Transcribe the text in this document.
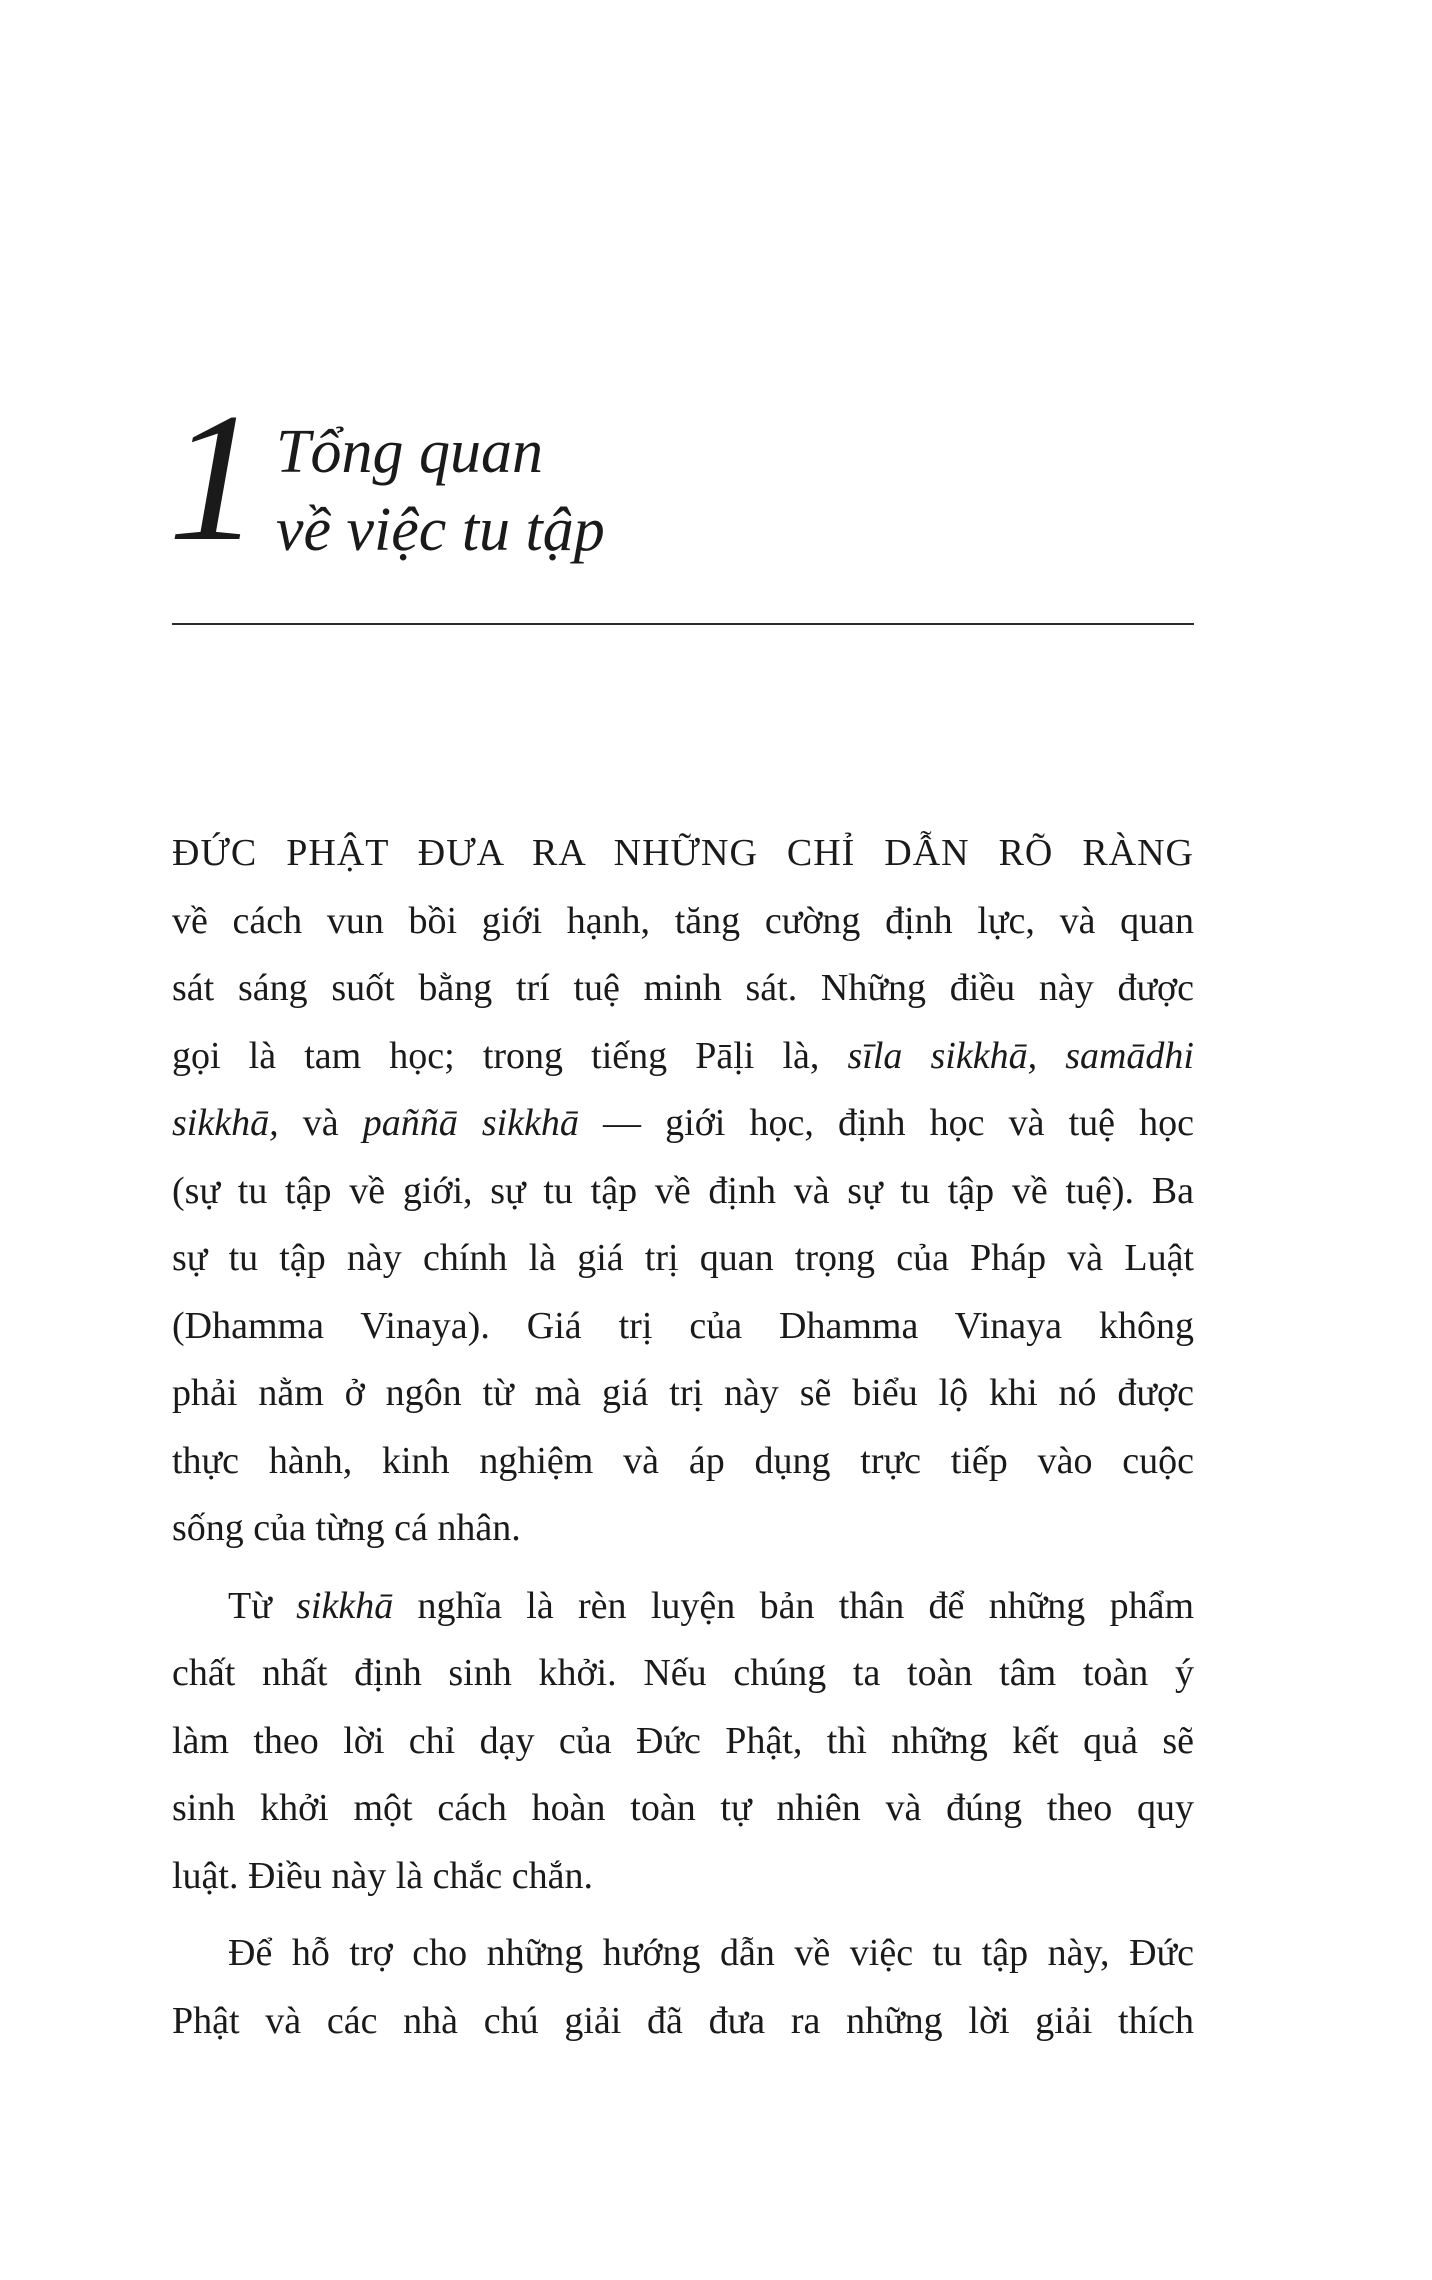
1 Tổng quan
về việc tu tập
ĐỨC PHẬT ĐƯA RA NHỮNG CHỈ DẪN RÕ RÀNG
về cách vun bồi giới hạnh, tăng cường định lực, và quan
sát sáng suốt bằng trí tuệ minh sát. Những điều này được
gọi là tam học; trong tiếng Pāḷi là, sīla sikkhā, samādhi
sikkhā, và paññā sikkhā — giới học, định học và tuệ học
(sự tu tập về giới, sự tu tập về định và sự tu tập về tuệ). Ba
sự tu tập này chính là giá trị quan trọng của Pháp và Luật
(Dhamma Vinaya). Giá trị của Dhamma Vinaya không
phải nằm ở ngôn từ mà giá trị này sẽ biểu lộ khi nó được
thực hành, kinh nghiệm và áp dụng trực tiếp vào cuộc
sống của từng cá nhân.
Từ sikkhā nghĩa là rèn luyện bản thân để những phẩm
chất nhất định sinh khởi. Nếu chúng ta toàn tâm toàn ý
làm theo lời chỉ dạy của Đức Phật, thì những kết quả sẽ
sinh khởi một cách hoàn toàn tự nhiên và đúng theo quy
luật. Điều này là chắc chắn.
Để hỗ trợ cho những hướng dẫn về việc tu tập này, Đức
Phật và các nhà chú giải đã đưa ra những lời giải thích
